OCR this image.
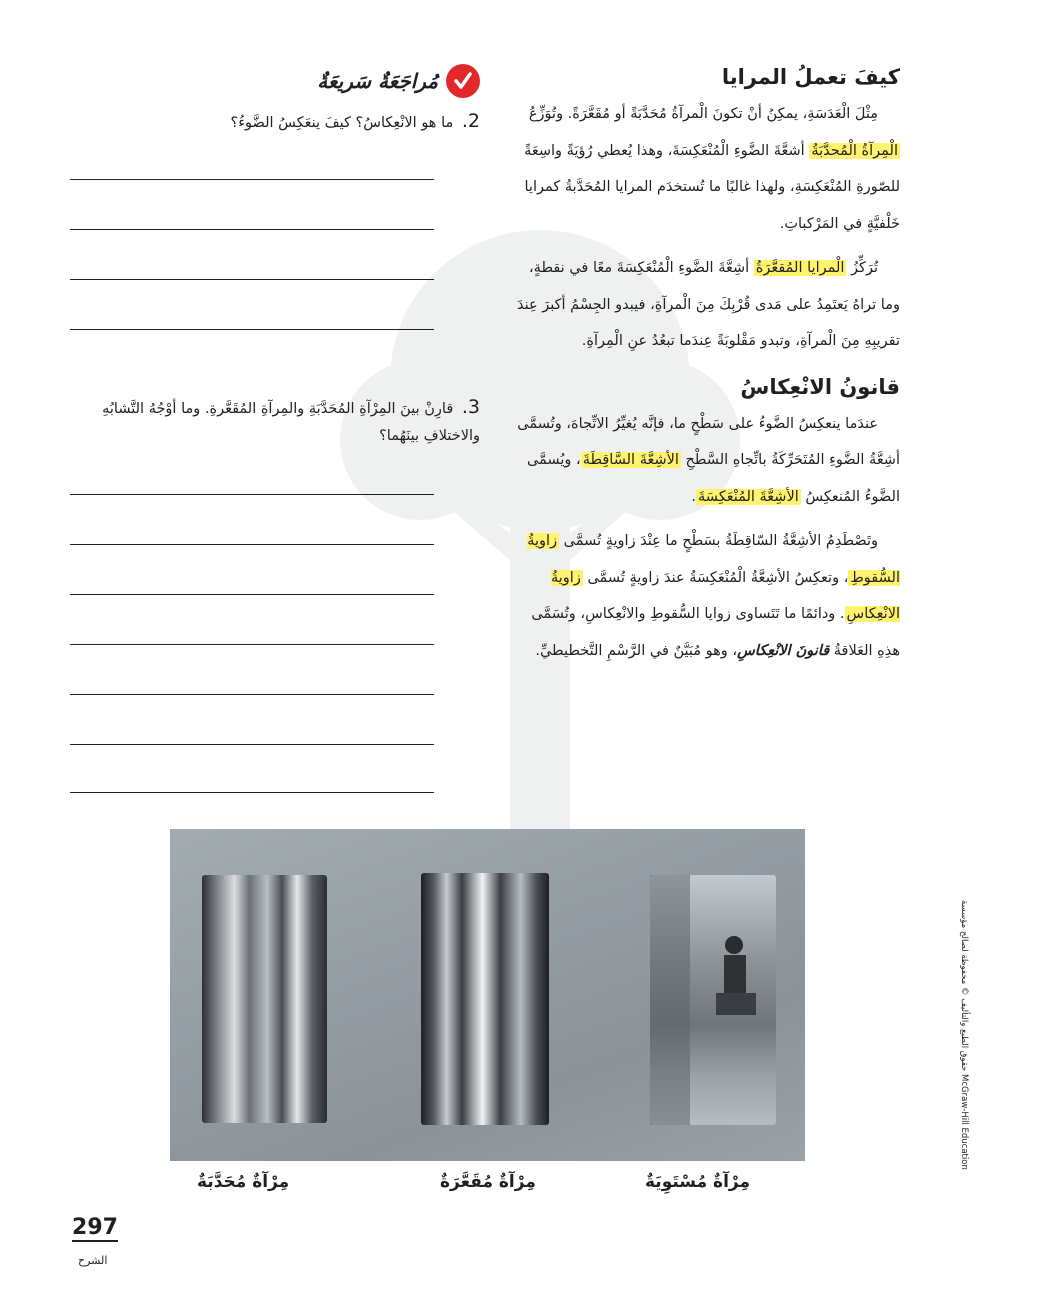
كيفَ تعملُ المرايا

مِثْلَ الْعَدَسَةِ، يمكِنُ أنْ تكونَ الْمرآةُ مُحَدَّبَةً أو مُقَعَّرَةً. وتُوَزِّعُ الْمِرآةُ الْمُحدَّبَةُ أشعَّةَ الضَّوءِ الْمُنْعَكِسَةَ، وهذا يُعطي رُؤيَةً واسِعَةً للصّورةِ المُنْعَكِسَةِ، ولهذا غالبًا ما تُستخدَم المرايا المُحَدَّبةُ كمرايا خَلْفيَّةٍ في المَرْكباتِ.

تُرَكِّزُ الْمرايا المُقعَّرَةُ أشِعَّةَ الضَّوءِ الْمُنْعَكِسَةَ معًا في نقطةٍ، وما تراهُ يَعتَمِدُ على مَدى قُرْبِكَ مِنَ الْمرآةِ، فيبدو الجِسْمُ أكبرَ عِندَ تقريبِهِ مِنَ الْمرآةِ، وتبدو مَقْلوبَةً عِندَما تبعُدُ عنِ الْمِرآةِ.

قانونُ الانْعِكاسُ

عندَما ينعكِسُ الضَّوءُ على سَطْحٍ ما، فإنَّه يُغيِّرُ الاتِّجاهَ، وتُسمَّى أشِعَّةُ الضَّوءِ المُتَحَرِّكَةُ باتِّجاهِ السَّطْحِ الأشِعَّةَ السَّاقِطَةَ، ويُسمَّى الضَّوءُ المُنعكِسُ الأشِعَّةَ المُنْعَكِسَةَ.

وتَصْطَدِمُ الأشِعَّةُ السّاقِطَةُ بسَطْحٍ ما عِنْدَ زاويةٍ تُسمَّى زاويةُ السُّقوطِ، وتعكِسُ الأشِعَّةُ الْمُنْعَكِسَةُ عندَ زاويةٍ تُسمَّى زاويةُ الانْعِكاسِ. ودائمًا ما تَتَساوى زوايا السُّقوطِ والانْعِكاسِ، وتُسَمَّى هذِهِ العَلاقةُ قانونَ الانْعِكاسِ، وهو مُبَيَّنٌ في الرَّسْمِ التَّخطيطيِّ.

مُراجَعَةٌ سَريعَةٌ
2. ما هو الانْعِكاسُ؟ كيفَ ينعَكِسُ الضَّوءُ؟
3. قارِنْ بينَ المِرْآةِ المُحَدَّبَةِ والمِرآةِ المُقَعَّرةِ. وما أوْجُهُ التَّشابُهِ والاختلافِ بينَهُما؟
مِرْآةٌ مُحَدَّبَةٌ	مِرْآةٌ مُقَعَّرَةٌ	مِرْآةٌ مُسْتَوِيَةٌ
حقوق الطبع والتأليف © محفوظة لصالح مؤسسة McGraw-Hill Education
297
الشرح
